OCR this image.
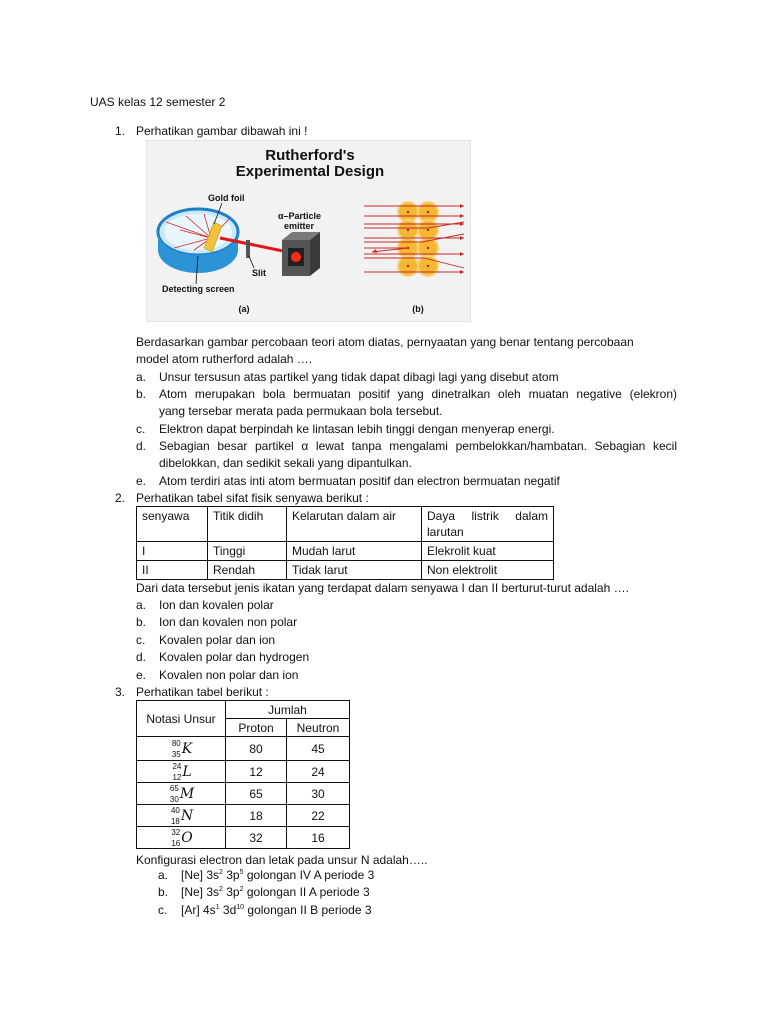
UAS kelas 12 semester 2
1. Perhatikan gambar dibawah ini !
Rutherford's
Experimental Design
Gold foil
α–Particle
emitter
Slit
Detecting screen
(a)	(b)
Berdasarkan gambar percobaan teori atom diatas, pernyaatan yang benar tentang percobaan
model atom rutherford adalah ….
a. Unsur tersusun atas partikel yang tidak dapat dibagi lagi yang disebut atom
b. Atom merupakan bola bermuatan positif yang dinetralkan oleh muatan negative (elekron)
yang tersebar merata pada permukaan bola tersebut.
c. Elektron dapat berpindah ke lintasan lebih tinggi dengan menyerap energi.
d. Sebagian besar partikel α lewat tanpa mengalami pembelokkan/hambatan. Sebagian kecil
dibelokkan, dan sedikit sekali yang dipantulkan.
e. Atom terdiri atas inti atom bermuatan positif dan electron bermuatan negatif
2. Perhatikan tabel sifat fisik senyawa berikut :
senyawa	Titik didih	Kelarutan dalam air	Daya listrik dalam
larutan

I	Tinggi	Mudah larut	Elekrolit kuat
II	Rendah	Tidak larut	Non elektrolit
Dari data tersebut jenis ikatan yang terdapat dalam senyawa I dan II berturut-turut adalah ….
a. Ion dan kovalen polar
b. Ion dan kovalen non polar
c. Kovalen polar dan ion
d. Kovalen polar dan hydrogen
e. Kovalen non polar dan ion
3. Perhatikan tabel berikut :
Notasi Unsur	Jumlah	
	Proton	Neutron

80
35 K	80	45

24
12 L	12	24

65
30 M	65	30

40
18 N	18	22

32
16 O	32	16
Konfigurasi electron dan letak pada unsur N adalah…..
a. [Ne] $3s^2$ $3p^5$ golongan IV A periode 3
b. [Ne] $3s^2$ $3p^2$ golongan II A periode 3
c. [Ar] $4s^1$ $3d^{10}$ golongan II B periode 3
